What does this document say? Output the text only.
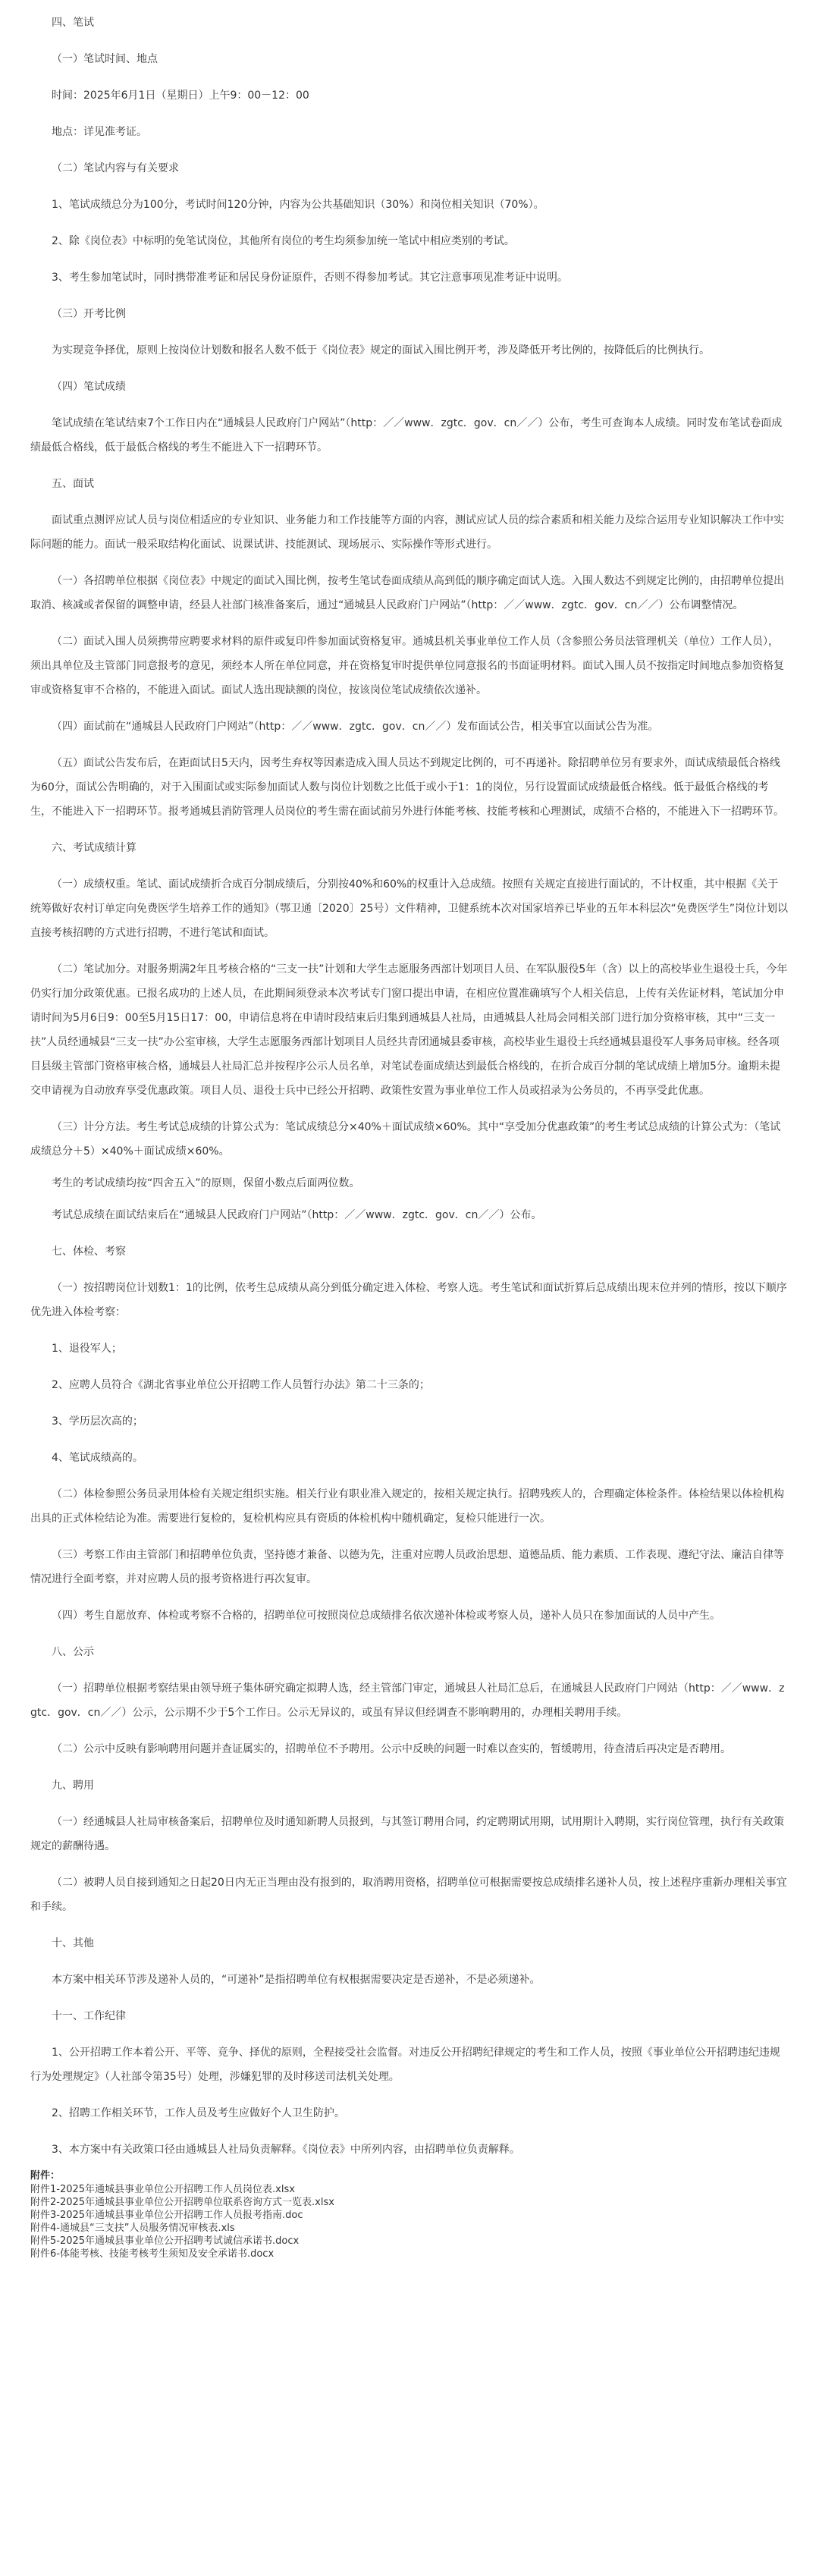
四、笔试

（一）笔试时间、地点

时间：2025年6月1日（星期日）上午9：00－12：00

地点：详见准考证。

（二）笔试内容与有关要求

1、笔试成绩总分为100分，考试时间120分钟，内容为公共基础知识（30%）和岗位相关知识（70%）。

2、除《岗位表》中标明的免笔试岗位，其他所有岗位的考生均须参加统一笔试中相应类别的考试。

3、考生参加笔试时，同时携带准考证和居民身份证原件，否则不得参加考试。其它注意事项见准考证中说明。

（三）开考比例

为实现竞争择优，原则上按岗位计划数和报名人数不低于《岗位表》规定的面试入围比例开考，涉及降低开考比例的，按降低后的比例执行。

（四）笔试成绩

笔试成绩在笔试结束7个工作日内在“通城县人民政府门户网站”（http：／／www．zgtc．gov．cn／／）公布，考生可查询本人成绩。同时发布笔试卷面成绩最低合格线，低于最低合格线的考生不能进入下一招聘环节。

五、面试

面试重点测评应试人员与岗位相适应的专业知识、业务能力和工作技能等方面的内容，测试应试人员的综合素质和相关能力及综合运用专业知识解决工作中实际问题的能力。面试一般采取结构化面试、说课试讲、技能测试、现场展示、实际操作等形式进行。

（一）各招聘单位根据《岗位表》中规定的面试入围比例，按考生笔试卷面成绩从高到低的顺序确定面试人选。入围人数达不到规定比例的，由招聘单位提出取消、核减或者保留的调整申请，经县人社部门核准备案后，通过“通城县人民政府门户网站”（http：／／www．zgtc．gov．cn／／）公布调整情况。

（二）面试入围人员须携带应聘要求材料的原件或复印件参加面试资格复审。通城县机关事业单位工作人员（含参照公务员法管理机关（单位）工作人员），须出具单位及主管部门同意报考的意见，须经本人所在单位同意，并在资格复审时提供单位同意报名的书面证明材料。面试入围人员不按指定时间地点参加资格复审或资格复审不合格的，不能进入面试。面试人选出现缺额的岗位，按该岗位笔试成绩依次递补。

（四）面试前在“通城县人民政府门户网站”（http：／／www．zgtc．gov．cn／／）发布面试公告，相关事宜以面试公告为准。

（五）面试公告发布后，在距面试日5天内，因考生弃权等因素造成入围人员达不到规定比例的，可不再递补。除招聘单位另有要求外，面试成绩最低合格线为60分，面试公告明确的，对于入围面试或实际参加面试人数与岗位计划数之比低于或小于1：1的岗位，另行设置面试成绩最低合格线。低于最低合格线的考生，不能进入下一招聘环节。报考通城县消防管理人员岗位的考生需在面试前另外进行体能考核、技能考核和心理测试，成绩不合格的，不能进入下一招聘环节。

六、考试成绩计算

（一）成绩权重。笔试、面试成绩折合成百分制成绩后，分别按40%和60%的权重计入总成绩。按照有关规定直接进行面试的，不计权重，其中根据《关于统筹做好农村订单定向免费医学生培养工作的通知》（鄂卫通〔2020〕25号）文件精神，卫健系统本次对国家培养已毕业的五年本科层次“免费医学生”岗位计划以直接考核招聘的方式进行招聘，不进行笔试和面试。

（二）笔试加分。对服务期满2年且考核合格的“三支一扶”计划和大学生志愿服务西部计划项目人员、在军队服役5年（含）以上的高校毕业生退役士兵，今年仍实行加分政策优惠。已报名成功的上述人员，在此期间须登录本次考试专门窗口提出申请，在相应位置准确填写个人相关信息，上传有关佐证材料，笔试加分申请时间为5月6日9：00至5月15日17：00，申请信息将在申请时段结束后归集到通城县人社局，由通城县人社局会同相关部门进行加分资格审核，其中“三支一扶”人员经通城县“三支一扶”办公室审核，大学生志愿服务西部计划项目人员经共青团通城县委审核，高校毕业生退役士兵经通城县退役军人事务局审核。经各项目县级主管部门资格审核合格，通城县人社局汇总并按程序公示人员名单，对笔试卷面成绩达到最低合格线的，在折合成百分制的笔试成绩上增加5分。逾期未提交申请视为自动放弃享受优惠政策。项目人员、退役士兵中已经公开招聘、政策性安置为事业单位工作人员或招录为公务员的，不再享受此优惠。

（三）计分方法。考生考试总成绩的计算公式为：笔试成绩总分×40%＋面试成绩×60%。其中“享受加分优惠政策”的考生考试总成绩的计算公式为：（笔试成绩总分＋5）×40%＋面试成绩×60%。

考生的考试成绩均按“四舍五入”的原则，保留小数点后面两位数。

考试总成绩在面试结束后在“通城县人民政府门户网站”（http：／／www．zgtc．gov．cn／／）公布。

七、体检、考察

（一）按招聘岗位计划数1：1的比例，依考生总成绩从高分到低分确定进入体检、考察人选。考生笔试和面试折算后总成绩出现末位并列的情形，按以下顺序优先进入体检考察：

1、退役军人；

2、应聘人员符合《湖北省事业单位公开招聘工作人员暂行办法》第二十三条的；

3、学历层次高的；

4、笔试成绩高的。

（二）体检参照公务员录用体检有关规定组织实施。相关行业有职业准入规定的，按相关规定执行。招聘残疾人的，合理确定体检条件。体检结果以体检机构出具的正式体检结论为准。需要进行复检的，复检机构应具有资质的体检机构中随机确定，复检只能进行一次。

（三）考察工作由主管部门和招聘单位负责，坚持德才兼备、以德为先，注重对应聘人员政治思想、道德品质、能力素质、工作表现、遵纪守法、廉洁自律等情况进行全面考察，并对应聘人员的报考资格进行再次复审。

（四）考生自愿放弃、体检或考察不合格的，招聘单位可按照岗位总成绩排名依次递补体检或考察人员，递补人员只在参加面试的人员中产生。

八、公示

（一）招聘单位根据考察结果由领导班子集体研究确定拟聘人选，经主管部门审定，通城县人社局汇总后，在通城县人民政府门户网站（http：／／www．zgtc．gov．cn／／）公示，公示期不少于5个工作日。公示无异议的，或虽有异议但经调查不影响聘用的，办理相关聘用手续。

（二）公示中反映有影响聘用问题并查证属实的，招聘单位不予聘用。公示中反映的问题一时难以查实的，暂缓聘用，待查清后再决定是否聘用。

九、聘用

（一）经通城县人社局审核备案后，招聘单位及时通知新聘人员报到，与其签订聘用合同，约定聘期试用期，试用期计入聘期，实行岗位管理，执行有关政策规定的薪酬待遇。

（二）被聘人员自接到通知之日起20日内无正当理由没有报到的，取消聘用资格，招聘单位可根据需要按总成绩排名递补人员，按上述程序重新办理相关事宜和手续。

十、其他

本方案中相关环节涉及递补人员的，“可递补”是指招聘单位有权根据需要决定是否递补，不是必须递补。

十一、工作纪律

1、公开招聘工作本着公开、平等、竞争、择优的原则，全程接受社会监督。对违反公开招聘纪律规定的考生和工作人员，按照《事业单位公开招聘违纪违规行为处理规定》（人社部令第35号）处理，涉嫌犯罪的及时移送司法机关处理。

2、招聘工作相关环节，工作人员及考生应做好个人卫生防护。

3、本方案中有关政策口径由通城县人社局负责解释。《岗位表》中所列内容，由招聘单位负责解释。

附件：
附件1-2025年通城县事业单位公开招聘工作人员岗位表.xlsx
附件2-2025年通城县事业单位公开招聘单位联系咨询方式一览表.xlsx
附件3-2025年通城县事业单位公开招聘工作人员报考指南.doc
附件4-通城县“三支扶”人员服务情况审核表.xls
附件5-2025年通城县事业单位公开招聘考试诚信承诺书.docx
附件6-体能考核、技能考核考生须知及安全承诺书.docx
